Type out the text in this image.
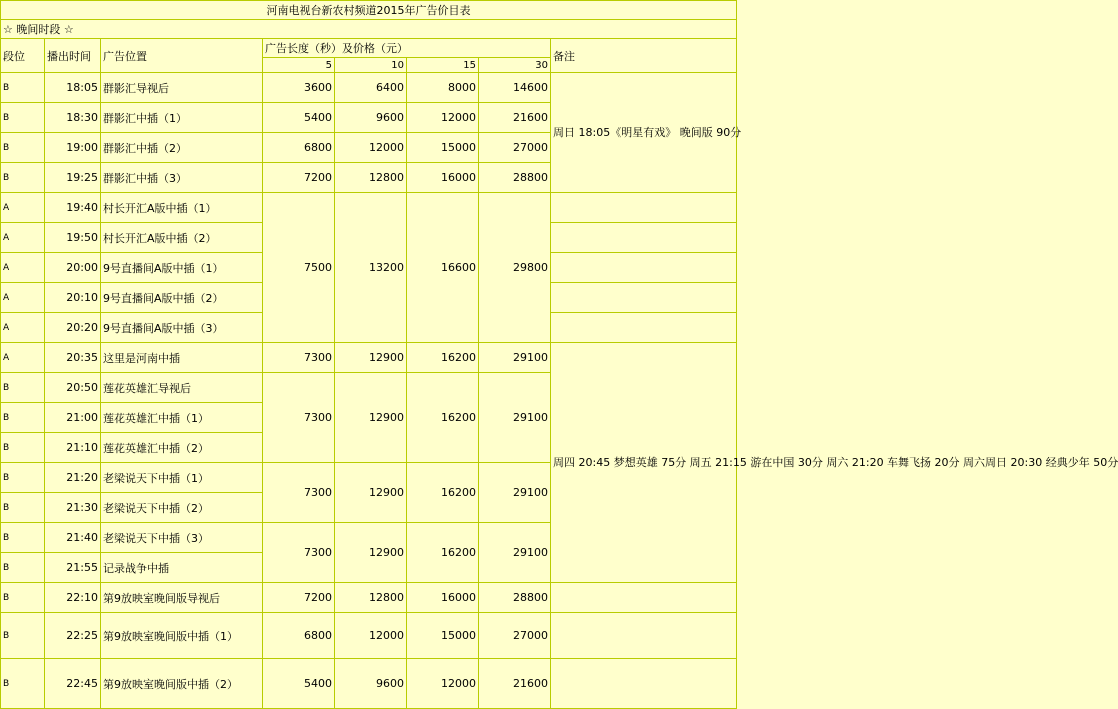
河南电视台新农村频道2015年广告价目表							
☆ 晚间时段 ☆							
段位	播出时间	广告位置	广告长度（秒）及价格（元）				备注
			5	10	15	30	
B	18:05	群影汇导视后	3600	6400	8000	14600	周日 18:05《明星有戏》 晚间版 90分
B	18:30	群影汇中插（1）	5400	9600	12000	21600	
B	19:00	群影汇中插（2）	6800	12000	15000	27000	
B	19:25	群影汇中插（3）	7200	12800	16000	28800	
A	19:40	村长开汇A版中插（1）	7500	13200	16600	29800	
A	19:50	村长开汇A版中插（2）					
A	20:00	9号直播间A版中插（1）					
A	20:10	9号直播间A版中插（2）					
A	20:20	9号直播间A版中插（3）					
A	20:35	这里是河南中插	7300	12900	16200	29100	周四 20:45 梦想英雄 75分 周五 21:15 游在中国 30分 周六 21:20 车舞飞扬 20分 周六周日 20:30 经典少年 50分
B	20:50	莲花英雄汇导视后	7300	12900	16200	29100	
B	21:00	莲花英雄汇中插（1）					
B	21:10	莲花英雄汇中插（2）					
B	21:20	老梁说天下中插（1）	7300	12900	16200	29100	
B	21:30	老梁说天下中插（2）					
B	21:40	老梁说天下中插（3）	7300	12900	16200	29100	
B	21:55	记录战争中插					
B	22:10	第9放映室晚间版导视后	7200	12800	16000	28800	
B	22:25	第9放映室晚间版中插（1）	6800	12000	15000	27000	
B	22:45	第9放映室晚间版中插（2）	5400	9600	12000	21600	
